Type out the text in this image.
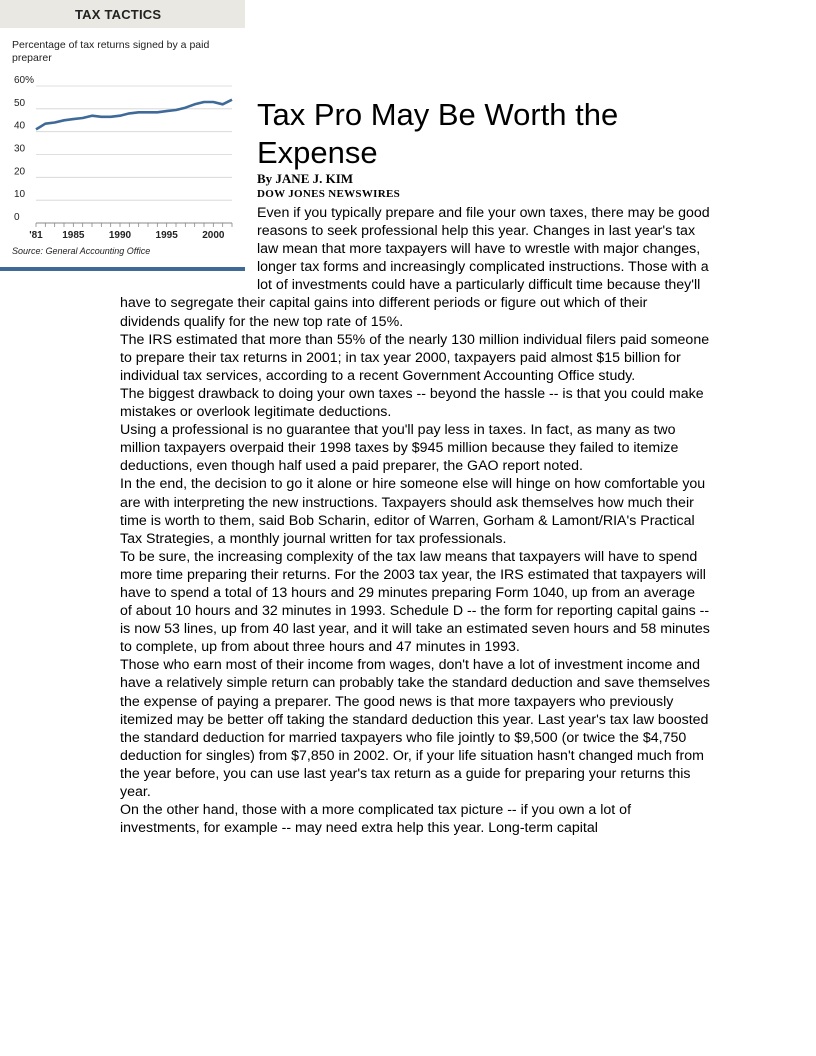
TAX TACTICS
Percentage of tax returns signed by a paid preparer
60%
50
40
30
20
10
0
'81 1985 1990 1995 2000
Source: General Accounting Office
Tax Pro May Be Worth the Expense
By JANE J. KIM
DOW JONES NEWSWIRES

Even if you typically prepare and file your own taxes, there may be good reasons to seek professional help this year. Changes in last year's tax law mean that more taxpayers will have to wrestle with major changes, longer tax forms and increasingly complicated instructions. Those with a lot of investments could have a particularly difficult time because they'll have to segregate their capital gains into different periods or figure out which of their dividends qualify for the new top rate of 15%.

The IRS estimated that more than 55% of the nearly 130 million individual filers paid someone to prepare their tax returns in 2001; in tax year 2000, taxpayers paid almost $15 billion for individual tax services, according to a recent Government Accounting Office study.

The biggest drawback to doing your own taxes -- beyond the hassle -- is that you could make mistakes or overlook legitimate deductions.

Using a professional is no guarantee that you'll pay less in taxes. In fact, as many as two million taxpayers overpaid their 1998 taxes by $945 million because they failed to itemize deductions, even though half used a paid preparer, the GAO report noted.

In the end, the decision to go it alone or hire someone else will hinge on how comfortable you are with interpreting the new instructions. Taxpayers should ask themselves how much their time is worth to them, said Bob Scharin, editor of Warren, Gorham & Lamont/RIA's Practical Tax Strategies, a monthly journal written for tax professionals.

To be sure, the increasing complexity of the tax law means that taxpayers will have to spend more time preparing their returns. For the 2003 tax year, the IRS estimated that taxpayers will have to spend a total of 13 hours and 29 minutes preparing Form 1040, up from an average of about 10 hours and 32 minutes in 1993. Schedule D -- the form for reporting capital gains -- is now 53 lines, up from 40 last year, and it will take an estimated seven hours and 58 minutes to complete, up from about three hours and 47 minutes in 1993.

Those who earn most of their income from wages, don't have a lot of investment income and have a relatively simple return can probably take the standard deduction and save themselves the expense of paying a preparer. The good news is that more taxpayers who previously itemized may be better off taking the standard deduction this year. Last year's tax law boosted the standard deduction for married taxpayers who file jointly to $9,500 (or twice the $4,750 deduction for singles) from $7,850 in 2002. Or, if your life situation hasn't changed much from the year before, you can use last year's tax return as a guide for preparing your returns this year.

On the other hand, those with a more complicated tax picture -- if you own a lot of investments, for example -- may need extra help this year. Long-term capital
